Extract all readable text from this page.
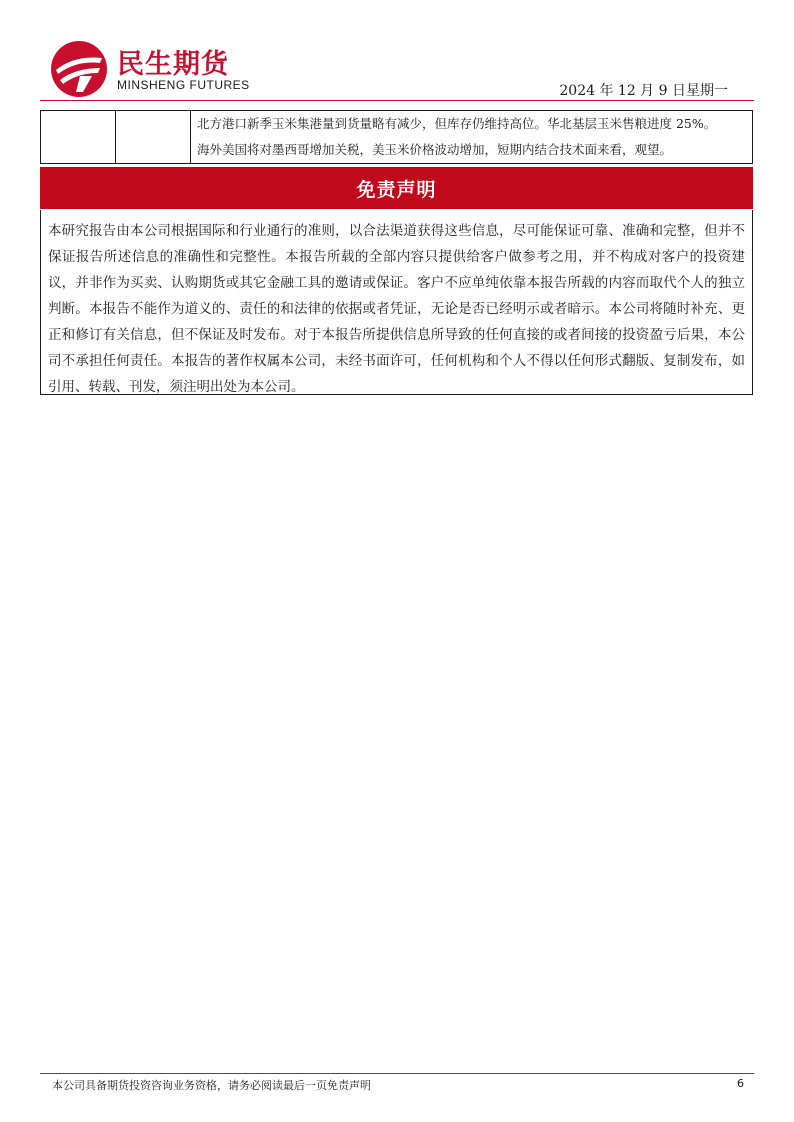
民生期货
MINSHENG FUTURES	2024 年 12 月 9 日星期一

北方港口新季玉米集港量到货量略有减少，但库存仍维持高位。华北基层玉米售粮进度 25%。
海外美国将对墨西哥增加关税，美玉米价格波动增加，短期内结合技术面来看，观望。
免责声明
本研究报告由本公司根据国际和行业通行的准则，以合法渠道获得这些信息，尽可能保证可靠、准确和完整，但并不保证报告所述信息的准确性和完整性。本报告所载的全部内容只提供给客户做参考之用，并不构成对客户的投资建议，并非作为买卖、认购期货或其它金融工具的邀请或保证。客户不应单纯依靠本报告所载的内容而取代个人的独立判断。本报告不能作为道义的、责任的和法律的依据或者凭证，无论是否已经明示或者暗示。本公司将随时补充、更正和修订有关信息，但不保证及时发布。对于本报告所提供信息所导致的任何直接的或者间接的投资盈亏后果，本公司不承担任何责任。本报告的著作权属本公司，未经书面许可，任何机构和个人不得以任何形式翻版、复制发布，如引用、转载、刊发，须注明出处为本公司。
本公司具备期货投资咨询业务资格，请务必阅读最后一页免责声明	6
